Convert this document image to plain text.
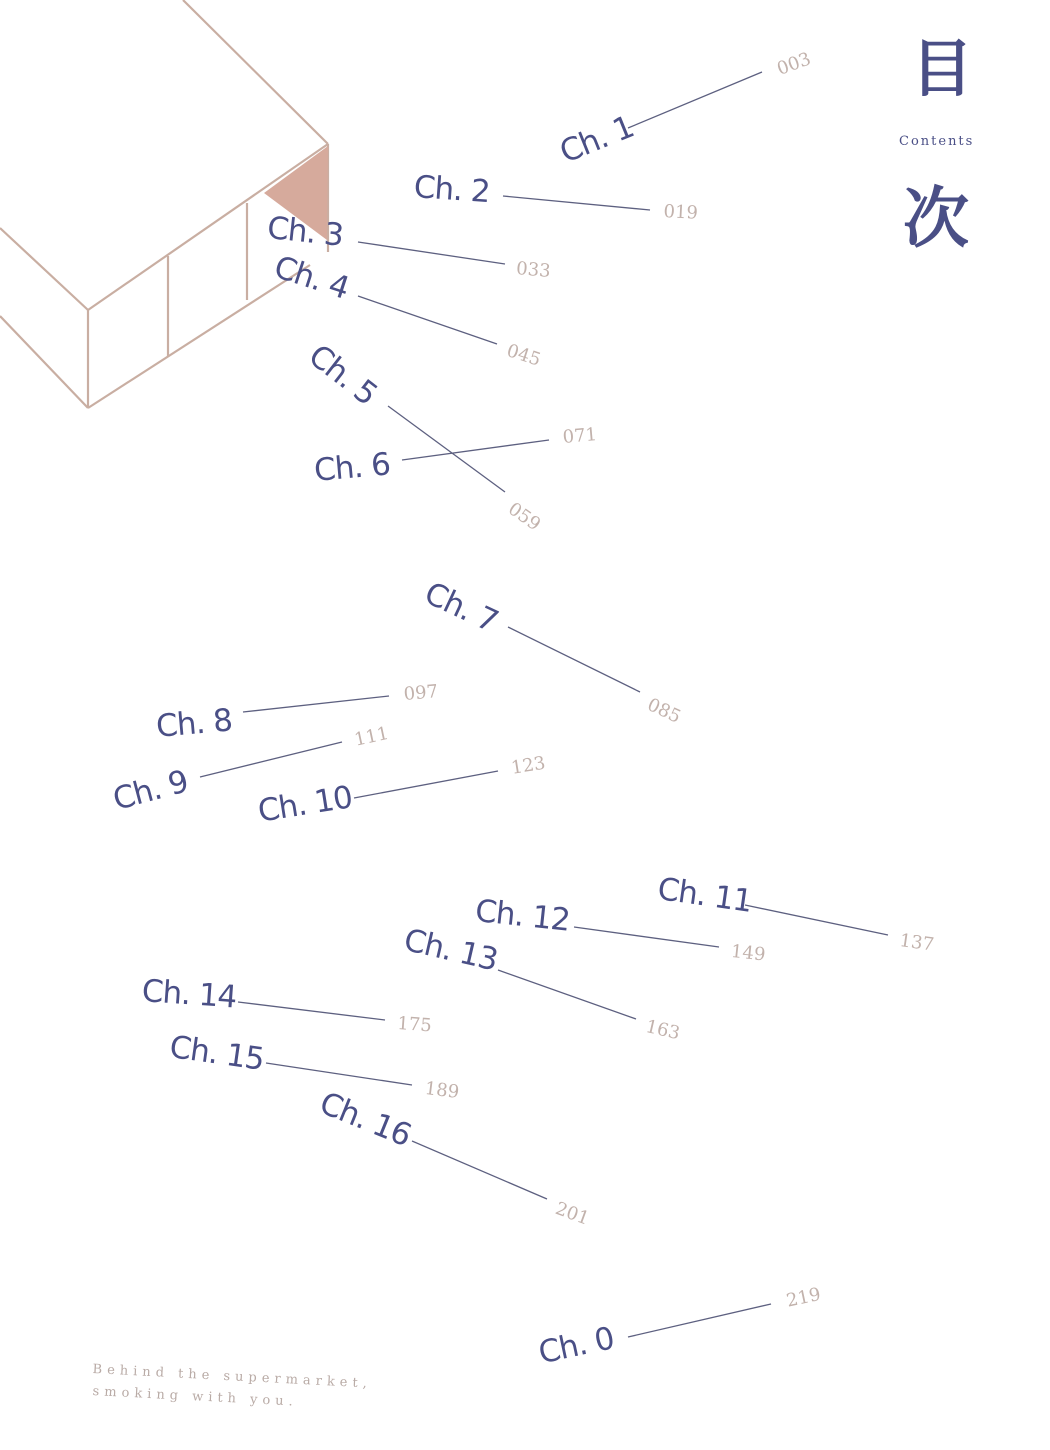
目
Contents
次
Ch. 1
Ch. 2
Ch. 3
Ch. 4
Ch. 5
Ch. 6
Ch. 7
Ch. 8
Ch. 9 Ch. 10
Ch. 11
Ch. 12
Ch. 13
Ch. 14
Ch. 15
Ch. 16
Ch. 0
003
019
033
045
059
071
085
097
111
123
137
149
163
175
189
201
219
Behind the supermarket,
smoking with you.
